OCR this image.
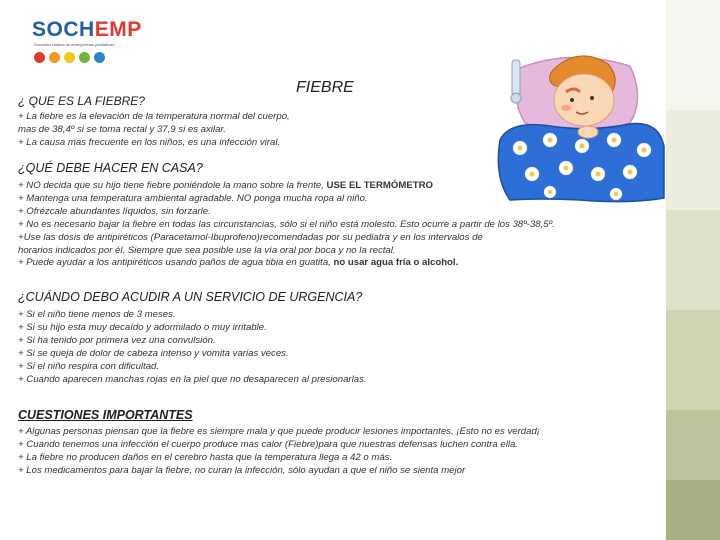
SOCHEMP
Sociedad chilena de emergencias pediátricas
FIEBRE
¿ QUE ES LA FIEBRE?
+ La fiebre es la elevación de la temperatura normal del cuerpo,
mas de 38,4º si se toma rectal y 37,9 si es axilar.
+ La causa mas frecuente en los niños, es una infección viral.
¿QUÉ DEBE HACER EN CASA?
+ NO decida que su hijo tiene fiebre poniéndole la mano sobre la frente, USE EL TERMÓMETRO
+ Mantenga una temperatura ambiental agradable. NO ponga mucha ropa al niño.
+ Ofrézcale abundantes líquidos, sin forzarle.
+ No es necesario bajar la fiebre en todas las circunstancias, sólo si el niño está molesto. Esto ocurre a partir de los 38º-38,5º.
+Use las dosis de antipiréticos (Paracetamol-Ibuprofeno)recomendadas por su pediatra y en los intervalos de
horarios indicados por él. Siempre que sea posible use la vía oral por boca y no la rectal.
+ Puede ayudar a los antipiréticos usando paños de agua tibia en guatita, no usar agua fría o alcohol.
¿CUÁNDO DEBO ACUDIR A UN SERVICIO DE URGENCIA?
+ Si el niño tiene menos de 3 meses.
+ Si su hijo esta muy decaído y adormilado o muy irritable.
+ Si ha tenido por primera vez una convulsión.
+ Si se queja de dolor de cabeza intenso y vomita varias veces.
+ Si el niño respira con dificultad.
+ Cuando aparecen manchas rojas en la piel que no desaparecen al presionarlas.
CUESTIONES IMPORTANTES
+ Algunas personas piensan que la fiebre es siempre mala y que puede producir lesiones importantes. ¡Esto no es verdad¡
+ Cuando tenemos una infección el cuerpo produce mas calor (Fiebre)para que nuestras defensas luchen contra ella.
+ La fiebre no producen daños en el cerebro hasta que la temperatura llega a 42 o más.
+ Los medicamentos para bajar la fiebre, no curan la infección, sólo ayudan a que el niño se sienta mejor
